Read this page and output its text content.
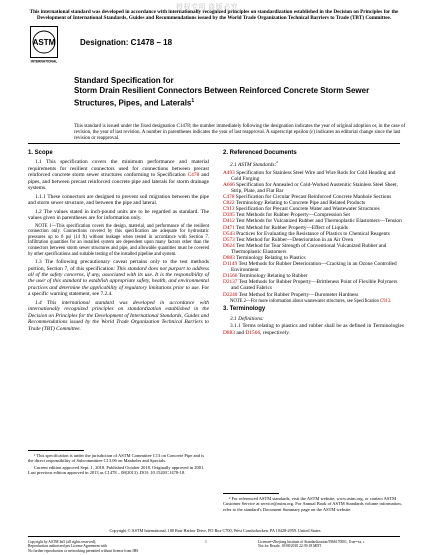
授权专用 盗版必究
This international standard was developed in accordance with internationally recognized principles on standardization established in the Decision on Principles for the Development of International Standards, Guides and Recommendations issued by the World Trade Organization Technical Barriers to Trade (TBT) Committee.
ASTM
INTERNATIONAL
Designation: C1478 – 18
Standard Specification for
Storm Drain Resilient Connectors Between Reinforced Concrete Storm Sewer Structures, Pipes, and Laterals$^1$
This standard is issued under the fixed designation C1478; the number immediately following the designation indicates the year of original adoption or, in the case of revision, the year of last revision. A number in parentheses indicates the year of last reapproval. A superscript epsilon (ε) indicates an editorial change since the last revision or reapproval.
1. Scope

1.1 This specification covers the minimum performance and material requirements for resilient connectors used for connections between precast reinforced concrete storm sewer structures conforming to Specification C478 and pipes, and between precast reinforced concrete pipe and laterals for storm drainage systems.

1.1.1 These connectors are designed to prevent soil migration between the pipe and storm sewer structure, and between the pipe and lateral.

1.2 The values stated in inch-pound units are to be regarded as standard. The values given in parentheses are for information only.

NOTE 1—This specification covers the design, material, and performance of the resilient connection only. Connections covered by this specification are adequate for hydrostatic pressures up to 6 psi (14 ft) without leakage when tested in accordance with Section 7. Infiltration quantities for an installed system are dependent upon many factors other than the connectors between storm sewer structures and pipe, and allowable quantities must be covered by other specifications and suitable testing of the installed pipeline and system.

1.3 The following precautionary caveat pertains only to the test methods portion, Section 7, of this specification: This standard does not purport to address all of the safety concerns, if any, associated with its use. It is the responsibility of the user of this standard to establish appropriate safety, health, and environmental practices and determine the applicability of regulatory limitations prior to use. For a specific warning statement, see 7.2.4.

1.4 This international standard was developed in accordance with internationally recognized principles on standardization established in the Decision on Principles for the Development of International Standards, Guides and Recommendations issued by the World Trade Organization Technical Barriers to Trade (TBT) Committee.

¹ This specification is under the jurisdiction of ASTM Committee C13 on Concrete Pipe and is the direct responsibility of Subcommittee C13.06 on Manholes and Specials.
Current edition approved Sept. 1, 2018. Published October 2018. Originally approved in 2001. Last previous edition approved in 2013 as C1478 – 08(2013). DOI: 10.1520/C1478-18.
2. Referenced Documents

2.1 ASTM Standards:$^2$

A493 Specification for Stainless Steel Wire and Wire Rods for Cold Heading and Cold Forging

A666 Specification for Annealed or Cold-Worked Austenitic Stainless Steel Sheet, Strip, Plate, and Flat Bar

C478 Specification for Circular Precast Reinforced Concrete Manhole Sections

C822 Terminology Relating to Concrete Pipe and Related Products

C913 Specification for Precast Concrete Water and Wastewater Structures

D395 Test Methods for Rubber Property—Compression Set

D412 Test Methods for Vulcanized Rubber and Thermoplastic Elastomers—Tension

D471 Test Method for Rubber Property—Effect of Liquids

D543 Practices for Evaluating the Resistance of Plastics to Chemical Reagents

D573 Test Method for Rubber—Deterioration in an Air Oven

D624 Test Method for Tear Strength of Conventional Vulcanized Rubber and Thermoplastic Elastomers

D883 Terminology Relating to Plastics

D1149 Test Methods for Rubber Deterioration—Cracking in an Ozone Controlled Environment

D1566 Terminology Relating to Rubber

D2137 Test Methods for Rubber Property—Brittleness Point of Flexible Polymers and Coated Fabrics

D2240 Test Method for Rubber Property—Durometer Hardness

NOTE 2—For more information about wastewater structures, see Specification C913.

3. Terminology

3.1 Definitions:

3.1.1 Terms relating to plastics and rubber shall be as defined in Terminologies D883 and D1566, respectively.

² For referenced ASTM standards, visit the ASTM website, www.astm.org, or contact ASTM Customer Service at service@astm.org. For Annual Book of ASTM Standards volume information, refer to the standard's Document Summary page on the ASTM website.
Copyright © ASTM International, 100 Barr Harbor Drive, PO Box C700, West Conshohocken, PA 19428-2959. United States
Copyright by ASTM Int'l (all rights reserved);
Reproduction authorized per License Agreement with
No further reproduction or networking permitted without license from IHS
1	Licensee=Zhejiang Institute of Standardization/5966170001, User=xx, r
Not for Resale, 10/08/2018 22:39:18 MDT
